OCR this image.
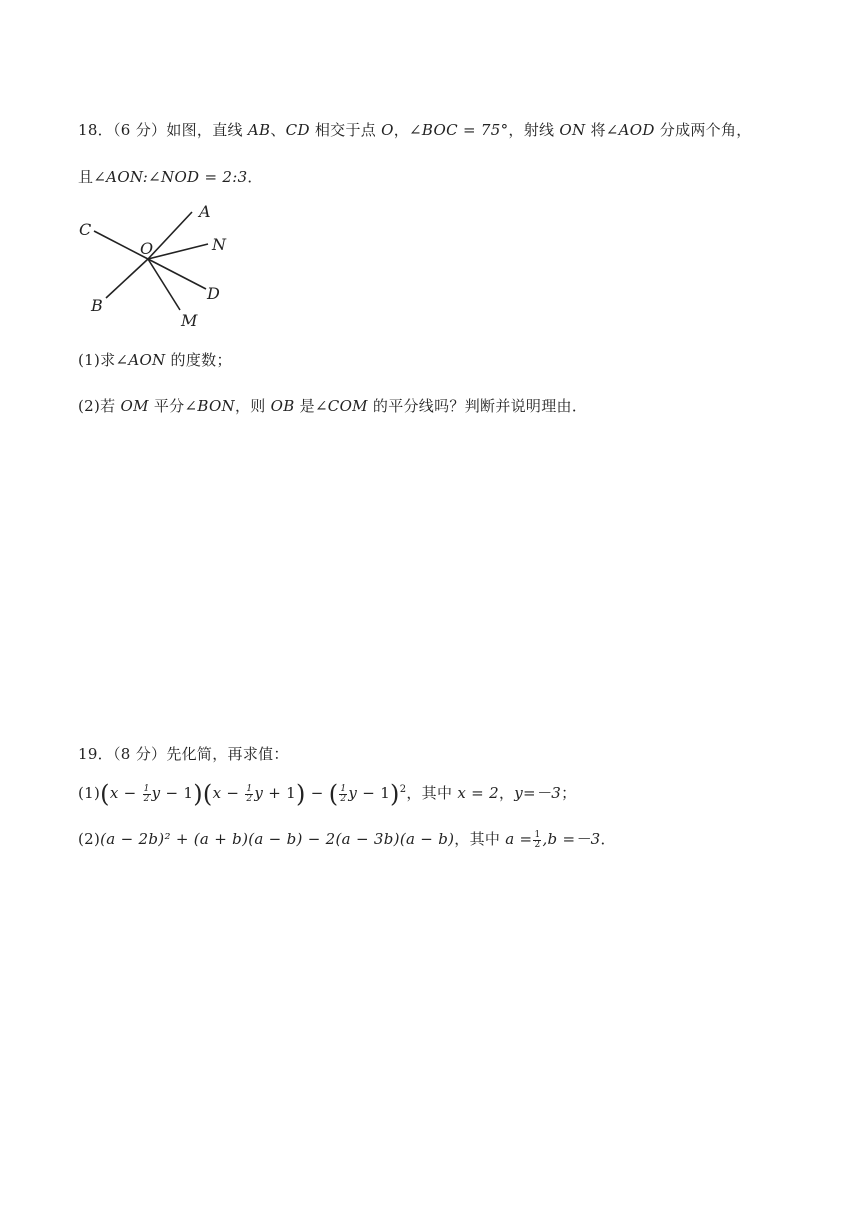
18．（6 分）如图，直线 AB、CD 相交于点 O，∠BOC = 75°，射线 ON 将∠AOD 分成两个角，
且∠AON:∠NOD = 2:3．
C
A
O	N
D
B
M
(1)求∠AON 的度数；
(2)若 OM 平分∠BON，则 OB 是∠COM 的平分线吗？判断并说明理由．
19．（8 分）先化简，再求值：
$(1)(x - \frac{1}{2}$ $y - 1)(x - \frac{1}{2}$ y + 1) − ( $\frac{1}{2}$ y − 1)$^2$，其中 x = 2，y=－3；
(2)(a − 2b)² + (a + b)(a − b) − 2(a − 3b)(a − b)，其中 $a = \frac{1}{2} ,b =-3$．
